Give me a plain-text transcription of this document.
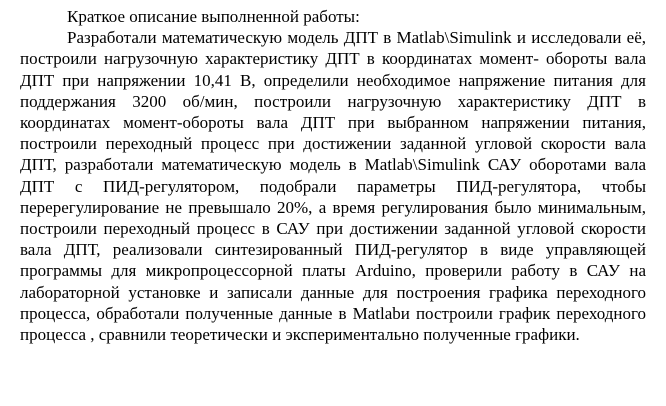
Краткое описание выполненной работы:

Разработали математическую модель ДПТ в Matlab\Simulink и исследовали её, построили нагрузочную характеристику ДПТ в координатах момент- обороты вала ДПТ при напряжении 10,41 В, определили необходимое напряжение питания для поддержания 3200 об/мин, построили нагрузочную характеристику ДПТ в координатах момент-обороты вала ДПТ при выбранном напряжении питания, построили переходный процесс при достижении заданной угловой скорости вала ДПТ, разработали математическую модель в Matlab\Simulink САУ оборотами вала ДПТ с ПИД-регулятором, подобрали параметры ПИД-регулятора, чтобы перерегулирование не превышало 20%, а время регулирования было минимальным, построили переходный процесс в САУ при достижении заданной угловой скорости вала ДПТ, реализовали синтезированный ПИД-регулятор в виде управляющей программы для микропроцессорной платы Arduino, проверили работу в САУ на лабораторной установке и записали данные для построения графика переходного процесса, обработали полученные данные в Matlabи построили график переходного процесса , сравнили теоретически и экспериментально полученные графики.
